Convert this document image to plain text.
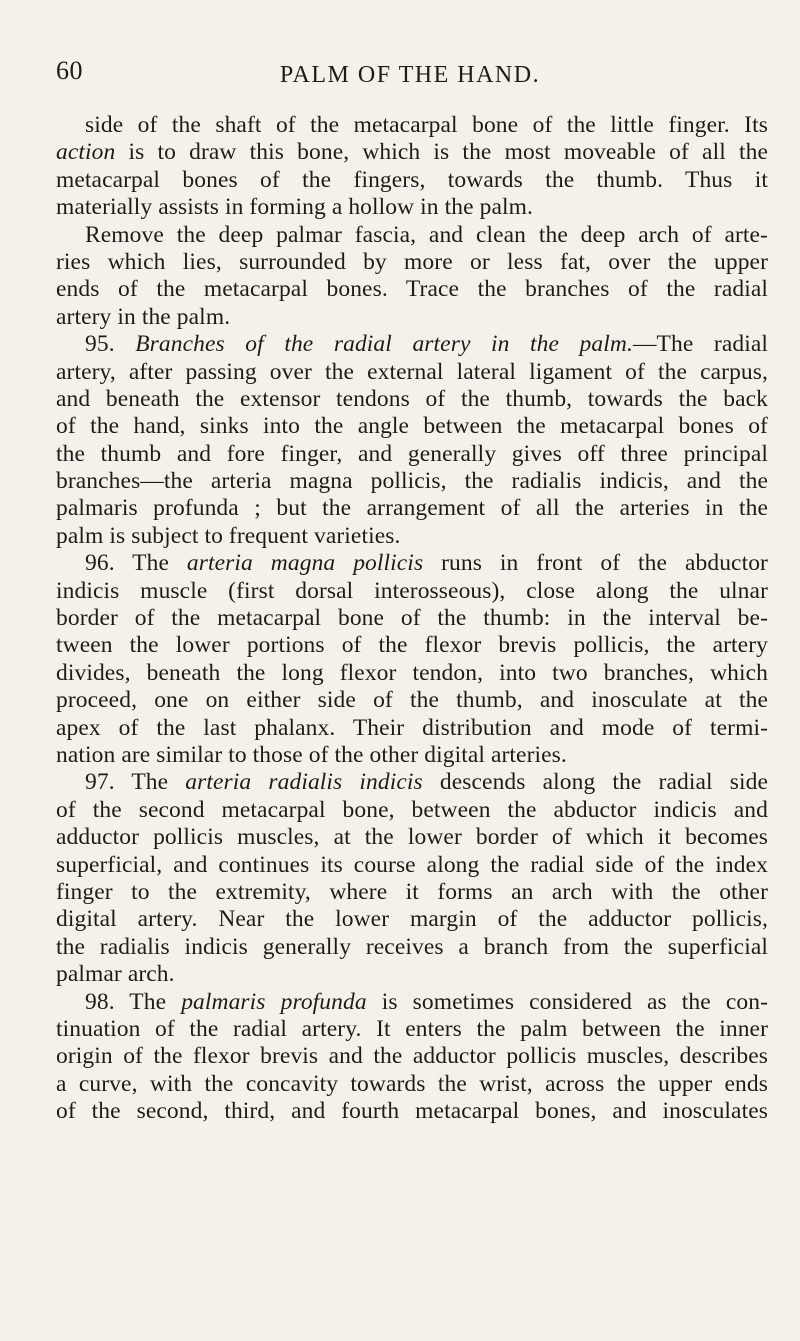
60	PALM OF THE HAND.
side of the shaft of the metacarpal bone of the little finger. Its
action is to draw this bone, which is the most moveable of all the
metacarpal bones of the fingers, towards the thumb. Thus it
materially assists in forming a hollow in the palm.
Remove the deep palmar fascia, and clean the deep arch of arte-
ries which lies, surrounded by more or less fat, over the upper
ends of the metacarpal bones. Trace the branches of the radial
artery in the palm.
95. Branches of the radial artery in the palm.—The radial
artery, after passing over the external lateral ligament of the carpus,
and beneath the extensor tendons of the thumb, towards the back
of the hand, sinks into the angle between the metacarpal bones of
the thumb and fore finger, and generally gives off three principal
branches—the arteria magna pollicis, the radialis indicis, and the
palmaris profunda ; but the arrangement of all the arteries in the
palm is subject to frequent varieties.
96. The arteria magna pollicis runs in front of the abductor
indicis muscle (first dorsal interosseous), close along the ulnar
border of the metacarpal bone of the thumb: in the interval be-
tween the lower portions of the flexor brevis pollicis, the artery
divides, beneath the long flexor tendon, into two branches, which
proceed, one on either side of the thumb, and inosculate at the
apex of the last phalanx. Their distribution and mode of termi-
nation are similar to those of the other digital arteries.
97. The arteria radialis indicis descends along the radial side
of the second metacarpal bone, between the abductor indicis and
adductor pollicis muscles, at the lower border of which it becomes
superficial, and continues its course along the radial side of the index
finger to the extremity, where it forms an arch with the other
digital artery. Near the lower margin of the adductor pollicis,
the radialis indicis generally receives a branch from the superficial
palmar arch.
98. The palmaris profunda is sometimes considered as the con-
tinuation of the radial artery. It enters the palm between the inner
origin of the flexor brevis and the adductor pollicis muscles, describes
a curve, with the concavity towards the wrist, across the upper ends
of the second, third, and fourth metacarpal bones, and inosculates
